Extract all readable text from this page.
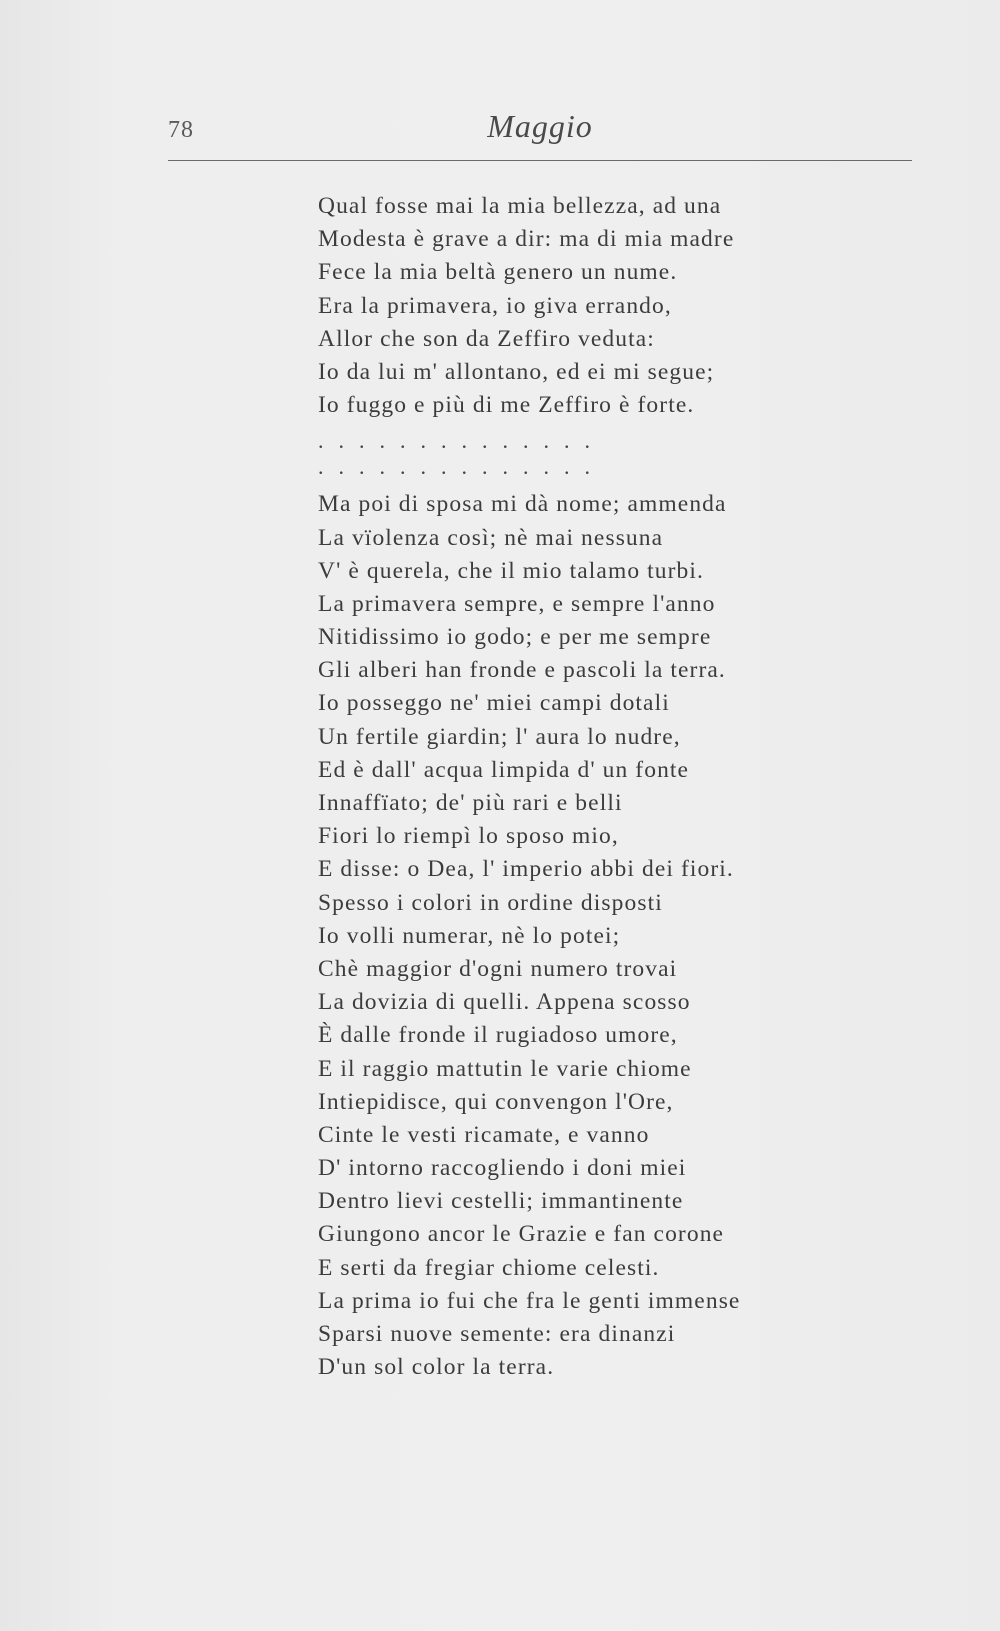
78	Maggio
Qual fosse mai la mia bellezza, ad una
Modesta è grave a dir: ma di mia madre
Fece la mia beltà genero un nume.
Era la primavera, io giva errando,
Allor che son da Zeffiro veduta:
Io da lui m' allontano, ed ei mi segue;
Io fuggo e più di me Zeffiro è forte.
..............
..............
Ma poi di sposa mi dà nome; ammenda
La vïolenza così; nè mai nessuna
V' è querela, che il mio talamo turbi.
La primavera sempre, e sempre l'anno
Nitidissimo io godo; e per me sempre
Gli alberi han fronde e pascoli la terra.
Io posseggo ne' miei campi dotali
Un fertile giardin; l' aura lo nudre,
Ed è dall' acqua limpida d' un fonte
Innaffïato; de' più rari e belli
Fiori lo riempì lo sposo mio,
E disse: o Dea, l' imperio abbi dei fiori.
Spesso i colori in ordine disposti
Io volli numerar, nè lo potei;
Chè maggior d'ogni numero trovai
La dovizia di quelli. Appena scosso
È dalle fronde il rugiadoso umore,
E il raggio mattutin le varie chiome
Intiepidisce, qui convengon l'Ore,
Cinte le vesti ricamate, e vanno
D' intorno raccogliendo i doni miei
Dentro lievi cestelli; immantinente
Giungono ancor le Grazie e fan corone
E serti da fregiar chiome celesti.
La prima io fui che fra le genti immense
Sparsi nuove semente: era dinanzi
D'un sol color la terra.
